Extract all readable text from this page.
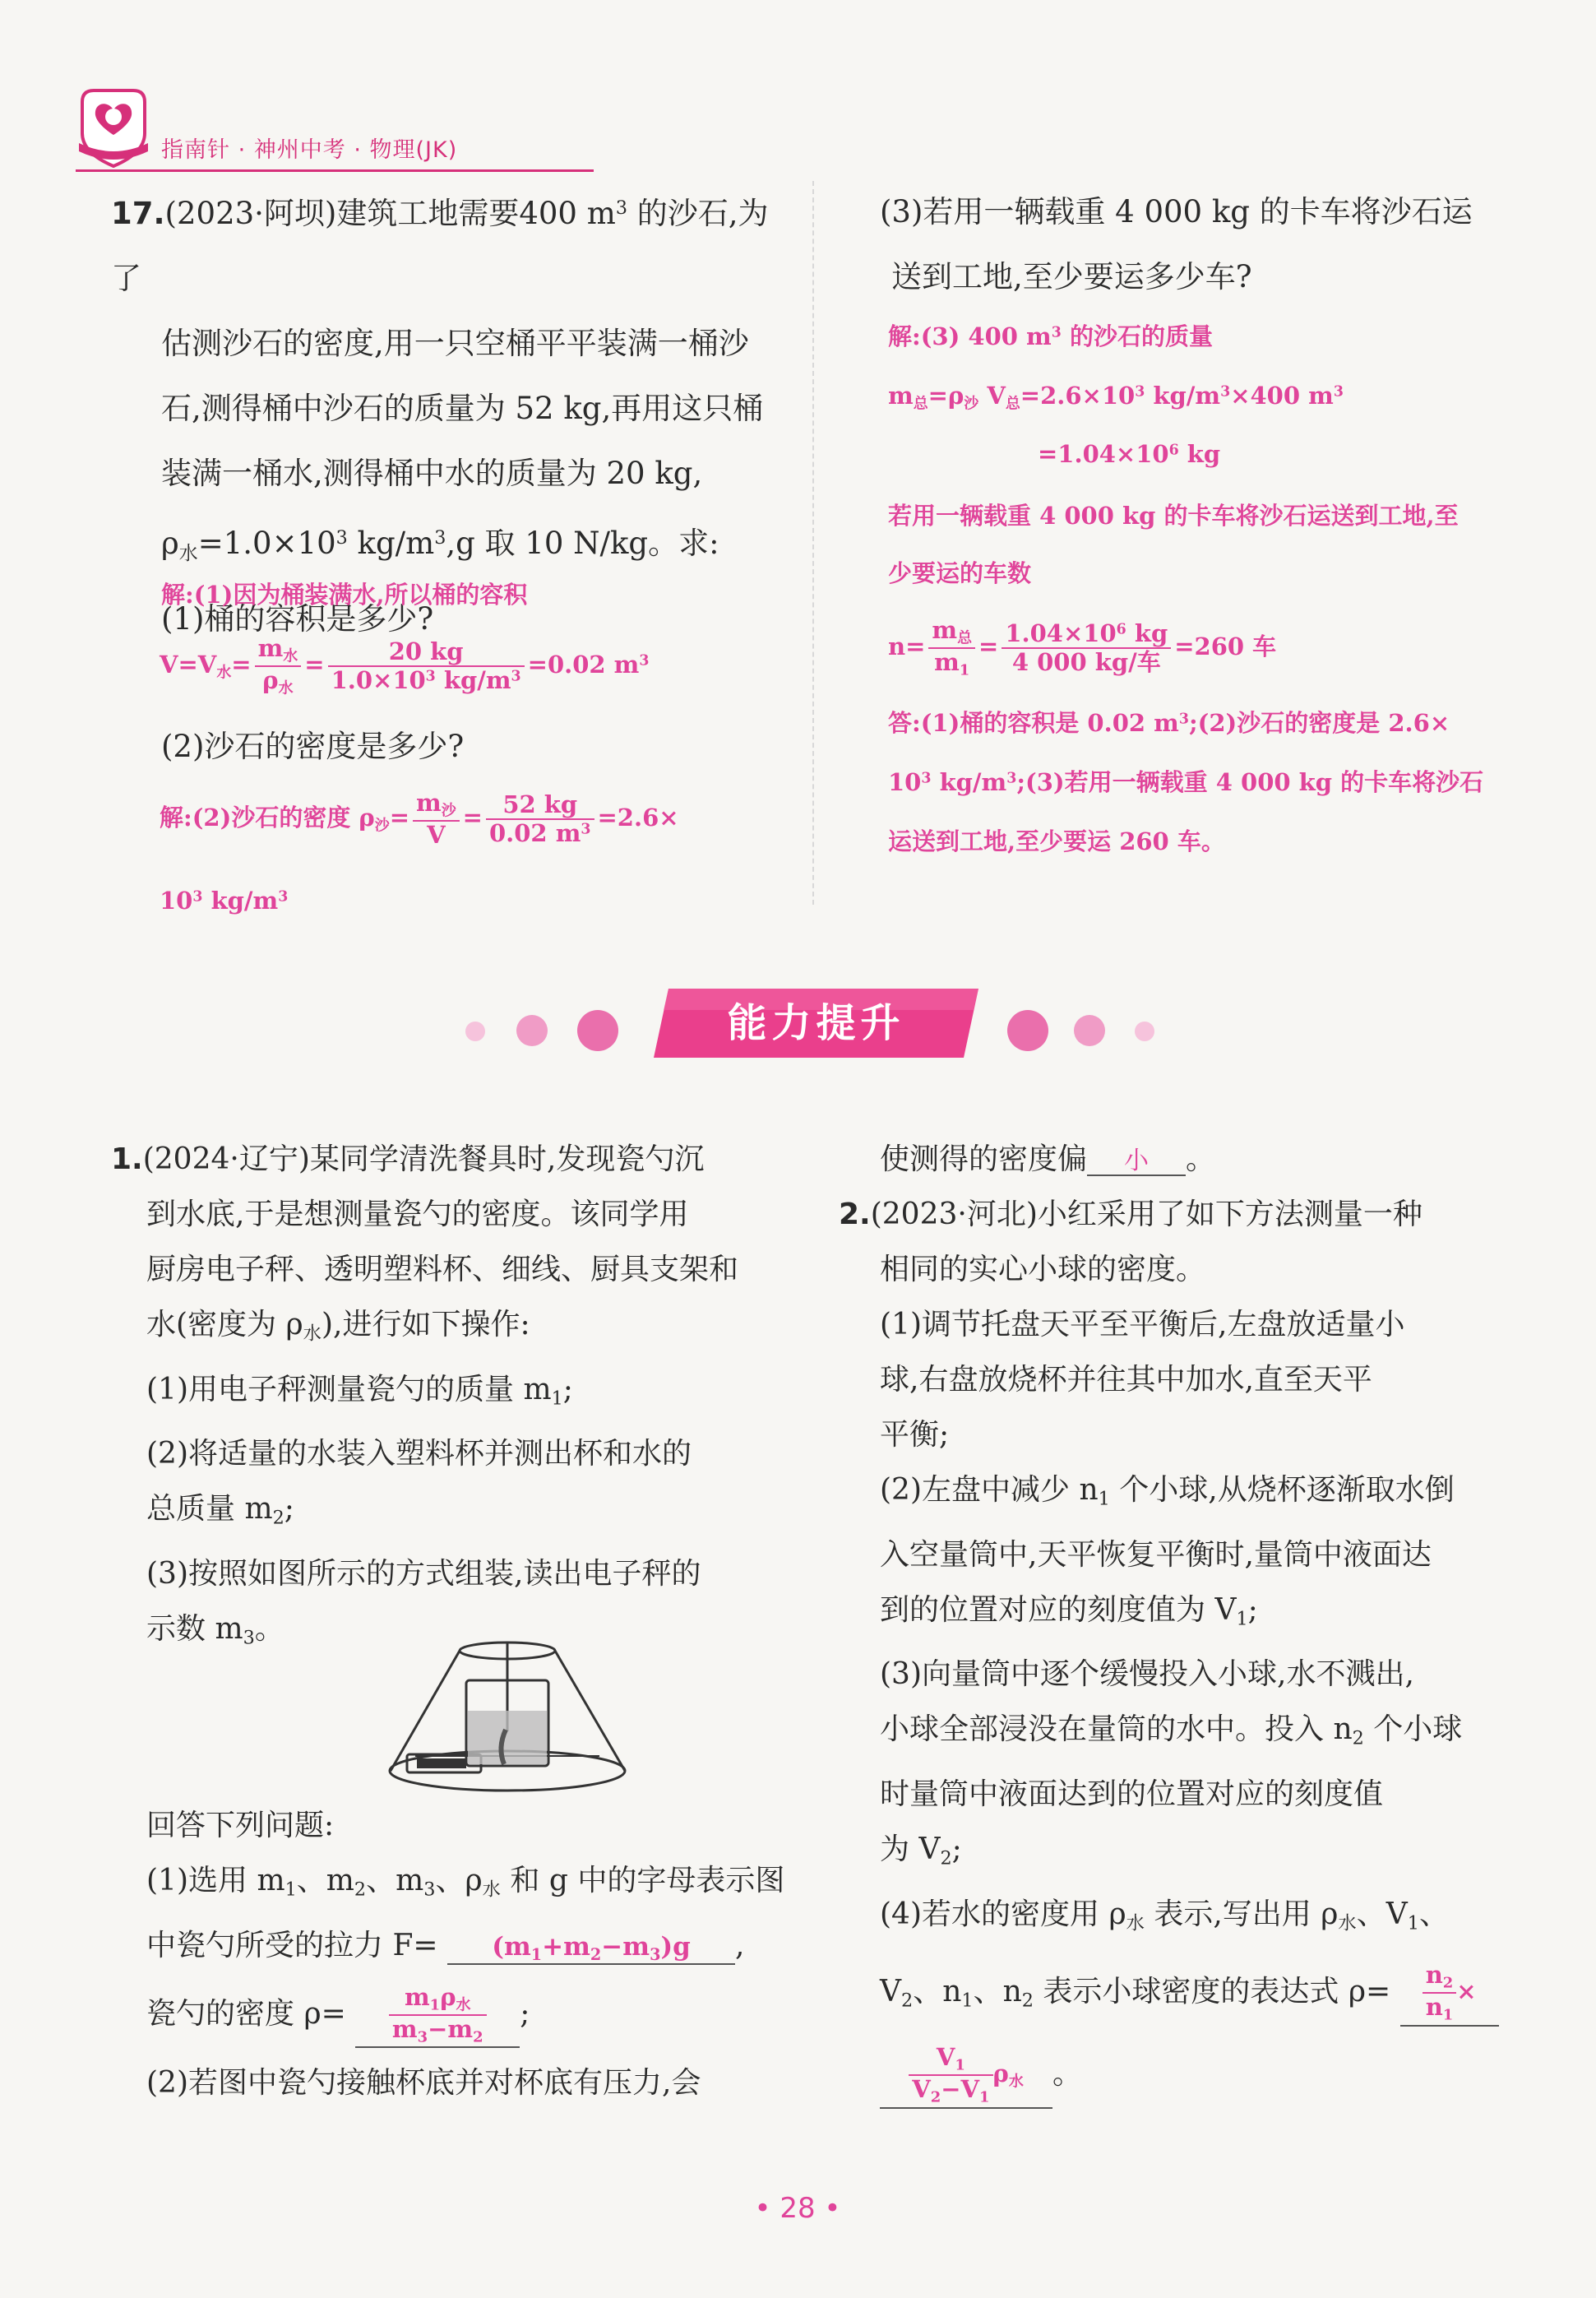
指南针 · 神州中考 · 物理(JK)
17.(2023·阿坝)建筑工地需要400 $m^3$ 的沙石,为了
估测沙石的密度,用一只空桶平平装满一桶沙
石,测得桶中沙石的质量为 52 kg,再用这只桶
装满一桶水,测得桶中水的质量为 20 kg,
$\rho_水=1.0\times 10^3$ $kg/m^3,g$ 取 10 N/kg。求:
(1)桶的容积是多少?
解:(1)因为桶装满水,所以桶的容积
$V=V_水= \frac{m_水}{\rho_水} = \frac{20 kg}{1.0\times 10^3 kg/m^3} =0.02$ $m^3$
(2)沙石的密度是多少?
解:(2)沙石的密度 $\rho_沙= \frac{m_沙}{V} = \frac{52 kg}{0.02 m^3} =2.6\times$
$10^3$ $kg/m^3$
(3)若用一辆载重 4 000 kg 的卡车将沙石运
送到工地,至少要运多少车?
解:(3) 400 $m^3$ 的沙石的质量
$m_总=\rho_沙$ $V_总=2.6\times 10^3$ $kg/m^3\times 400$ $m^3$
$=1.04\times 10^6$ kg
若用一辆载重 4 000 kg 的卡车将沙石运送到工地,至
少要运的车数
$n= \frac{m_总}{m_1} = \frac{1.04\times 10^6 kg}{\text{4 000 kg/车}} =260$ 车
答:(1)桶的容积是 0.02 $m^3;(2)$沙石的密度是 2.6×
$10^3$ $kg/m^3;(3)$若用一辆载重 4 000 kg 的卡车将沙石
运送到工地,至少要运 260 车。
能力提升
1.(2024·辽宁)某同学清洗餐具时,发现瓷勺沉
到水底,于是想测量瓷勺的密度。该同学用
厨房电子秤、透明塑料杯、细线、厨具支架和
水(密度为 $\rho_水$),进行如下操作:
(1)用电子秤测量瓷勺的质量 $m_1$;
(2)将适量的水装入塑料杯并测出杯和水的
总质量 $m_2$;
(3)按照如图所示的方式组装,读出电子秤的
示数 $m_3$。
回答下列问题:
(1)选用 $m_1$、$m_2$、$m_3$、$\rho_水$ 和 g 中的字母表示图
中瓷勺所受的拉力 $F= (m_1+m_2-m_3)g$ ,
瓷勺的密度 $\rho= \frac{m_1\rho_水}{m_3-m_2}$ ;
(2)若图中瓷勺接触杯底并对杯底有压力,会
使测得的密度偏 小 。
2.(2023·河北)小红采用了如下方法测量一种
相同的实心小球的密度。
(1)调节托盘天平至平衡后,左盘放适量小
球,右盘放烧杯并往其中加水,直至天平
平衡;
(2)左盘中减少 $n_1$ 个小球,从烧杯逐渐取水倒
入空量筒中,天平恢复平衡时,量筒中液面达
到的位置对应的刻度值为 $V_1$;
(3)向量筒中逐个缓慢投入小球,水不溅出,
小球全部浸没在量筒的水中。投入 $n_2$ 个小球
时量筒中液面达到的位置对应的刻度值
为 $V_2$;
(4)若水的密度用 $\rho_水$ 表示,写出用 $\rho_水$、$V_1$、
$V_2$、$n_1$、$n_2$ 表示小球密度的表达式 $\rho= \frac{n_2}{n_1}$ ×
$\frac{V_1}{V_2-V_1} \rho_水$ 。
• 28 •
